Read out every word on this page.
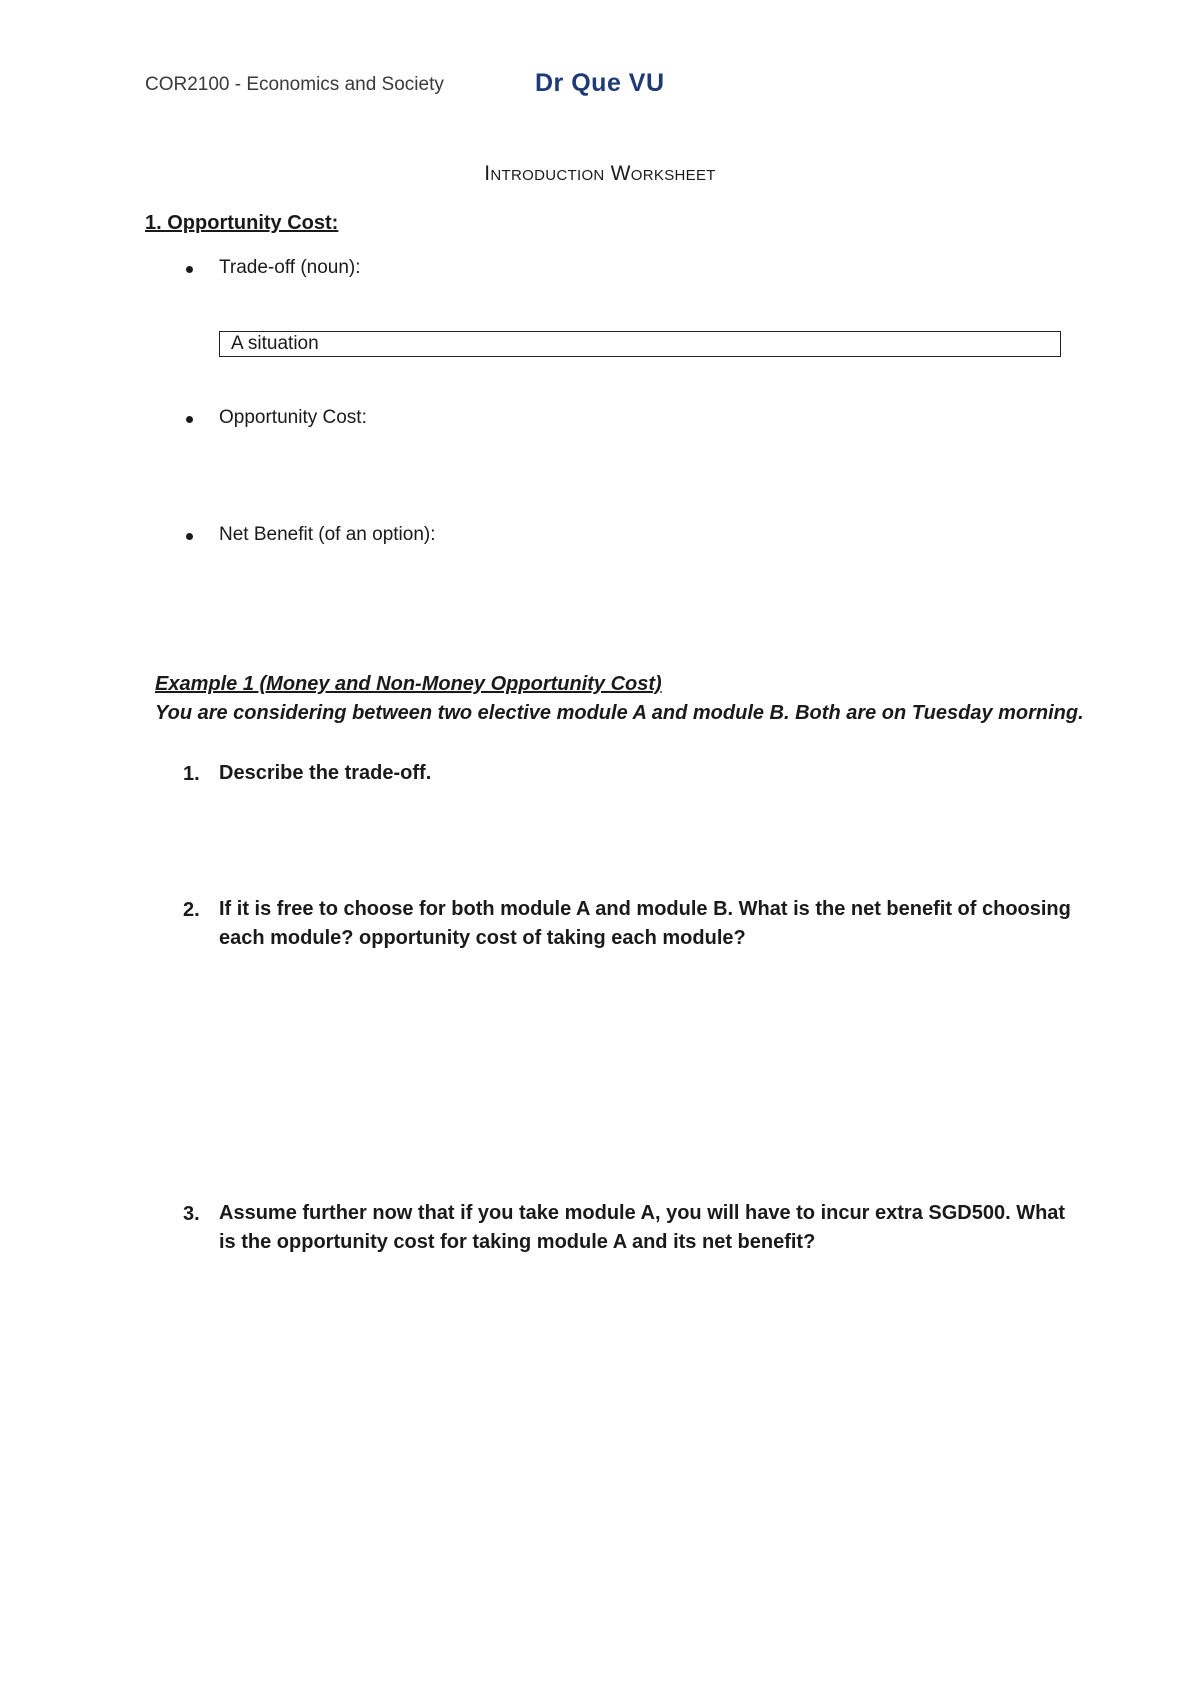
COR2100 - Economics and Society	Dr Que VU
Introduction Worksheet
1. Opportunity Cost:
Trade-off (noun):
A situation
Opportunity Cost:
Net Benefit (of an option):
Example 1 (Money and Non-Money Opportunity Cost)
You are considering between two elective module A and module B. Both are on Tuesday morning.
1. Describe the trade-off.
2. If it is free to choose for both module A and module B. What is the net benefit of choosing each module? opportunity cost of taking each module?
3. Assume further now that if you take module A, you will have to incur extra SGD500. What is the opportunity cost for taking module A and its net benefit?
